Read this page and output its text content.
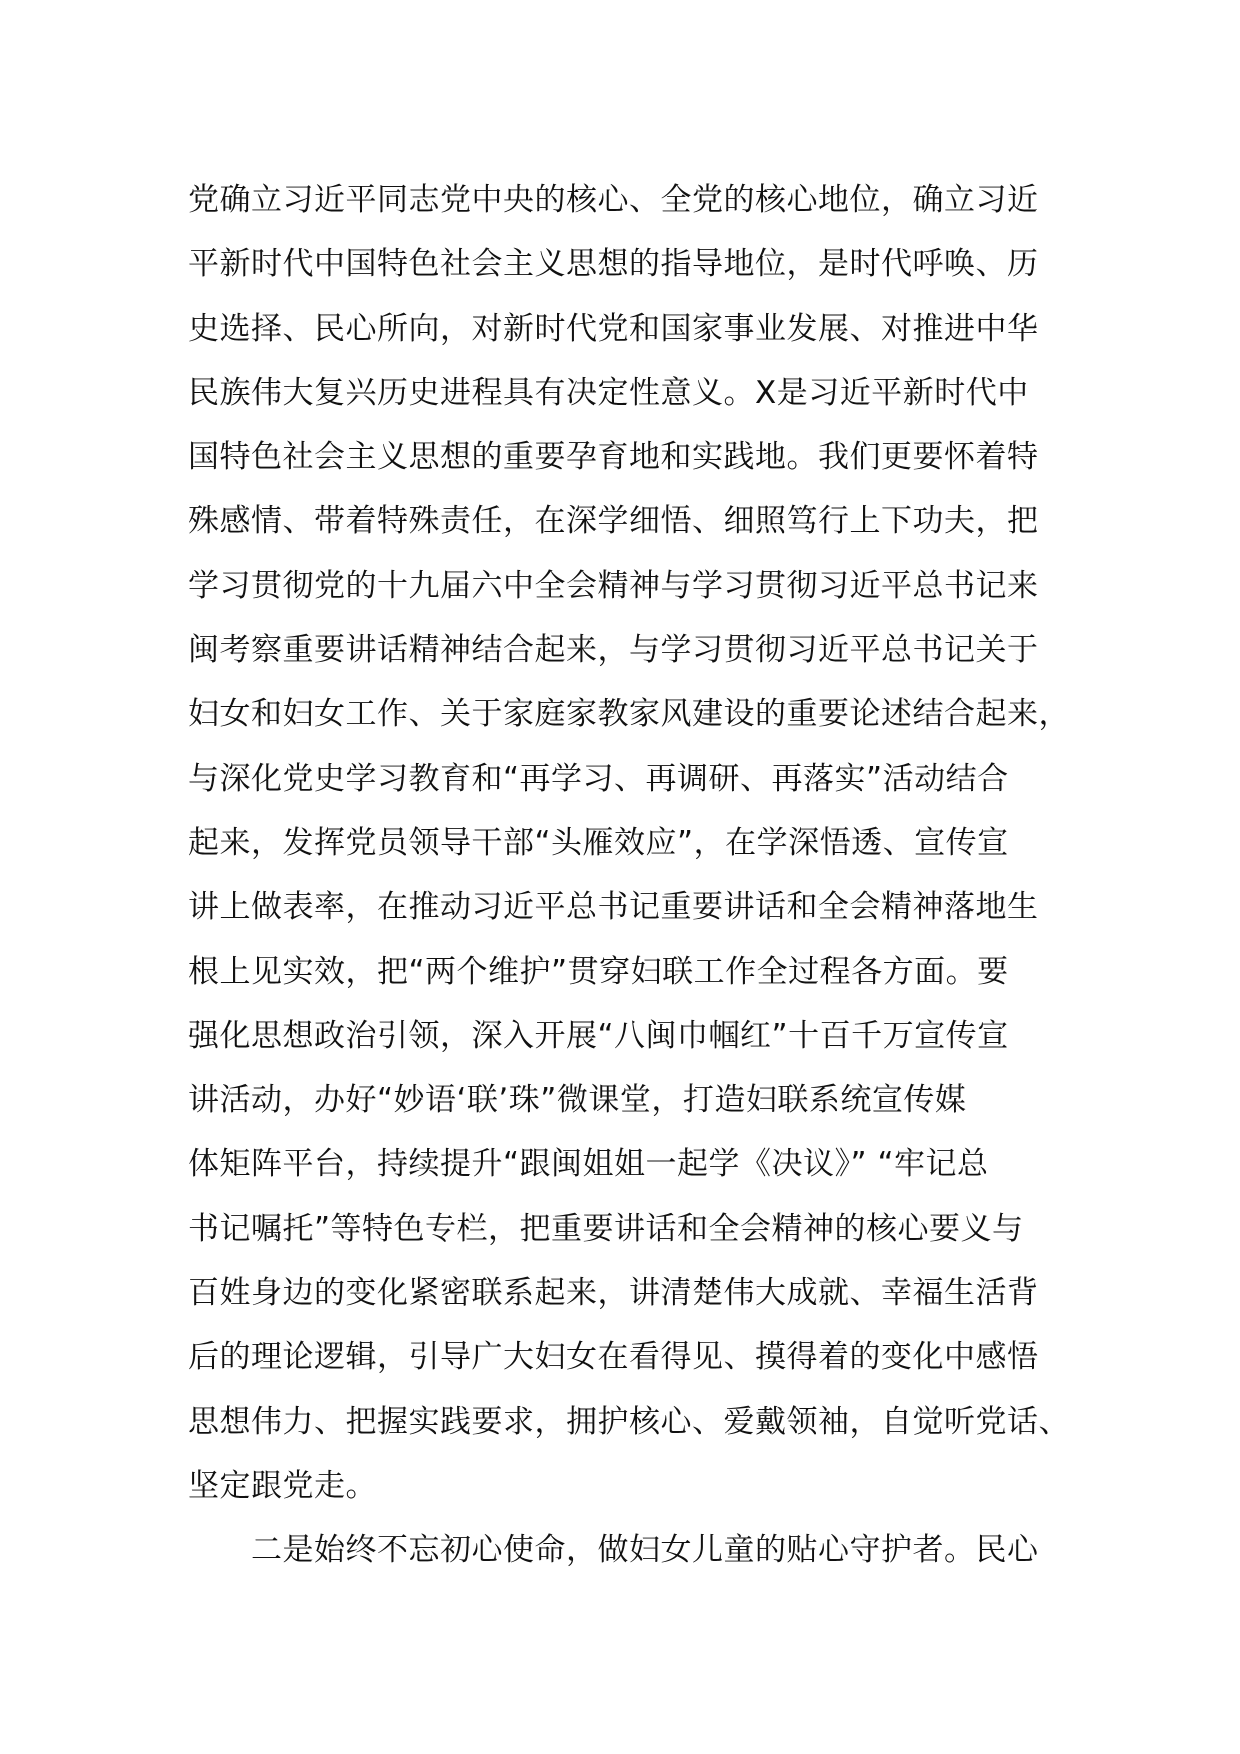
党确立习近平同志党中央的核心、全党的核心地位，确立习近
平新时代中国特色社会主义思想的指导地位，是时代呼唤、历
史选择、民心所向，对新时代党和国家事业发展、对推进中华
民族伟大复兴历史进程具有决定性意义。X是习近平新时代中
国特色社会主义思想的重要孕育地和实践地。我们更要怀着特
殊感情、带着特殊责任，在深学细悟、细照笃行上下功夫，把
学习贯彻党的十九届六中全会精神与学习贯彻习近平总书记来
闽考察重要讲话精神结合起来，与学习贯彻习近平总书记关于
妇女和妇女工作、关于家庭家教家风建设的重要论述结合起来，
与深化党史学习教育和“再学习、再调研、再落实”活动结合
起来，发挥党员领导干部“头雁效应”，在学深悟透、宣传宣
讲上做表率，在推动习近平总书记重要讲话和全会精神落地生
根上见实效，把“两个维护”贯穿妇联工作全过程各方面。要
强化思想政治引领，深入开展“八闽巾帼红”十百千万宣传宣
讲活动，办好“妙语‘联’珠”微课堂，打造妇联系统宣传媒
体矩阵平台，持续提升“跟闽姐姐一起学《决议》” “牢记总
书记嘱托”等特色专栏，把重要讲话和全会精神的核心要义与
百姓身边的变化紧密联系起来，讲清楚伟大成就、幸福生活背
后的理论逻辑，引导广大妇女在看得见、摸得着的变化中感悟
思想伟力、把握实践要求，拥护核心、爱戴领袖，自觉听党话、
坚定跟党走。
二是始终不忘初心使命，做妇女儿童的贴心守护者。民心
